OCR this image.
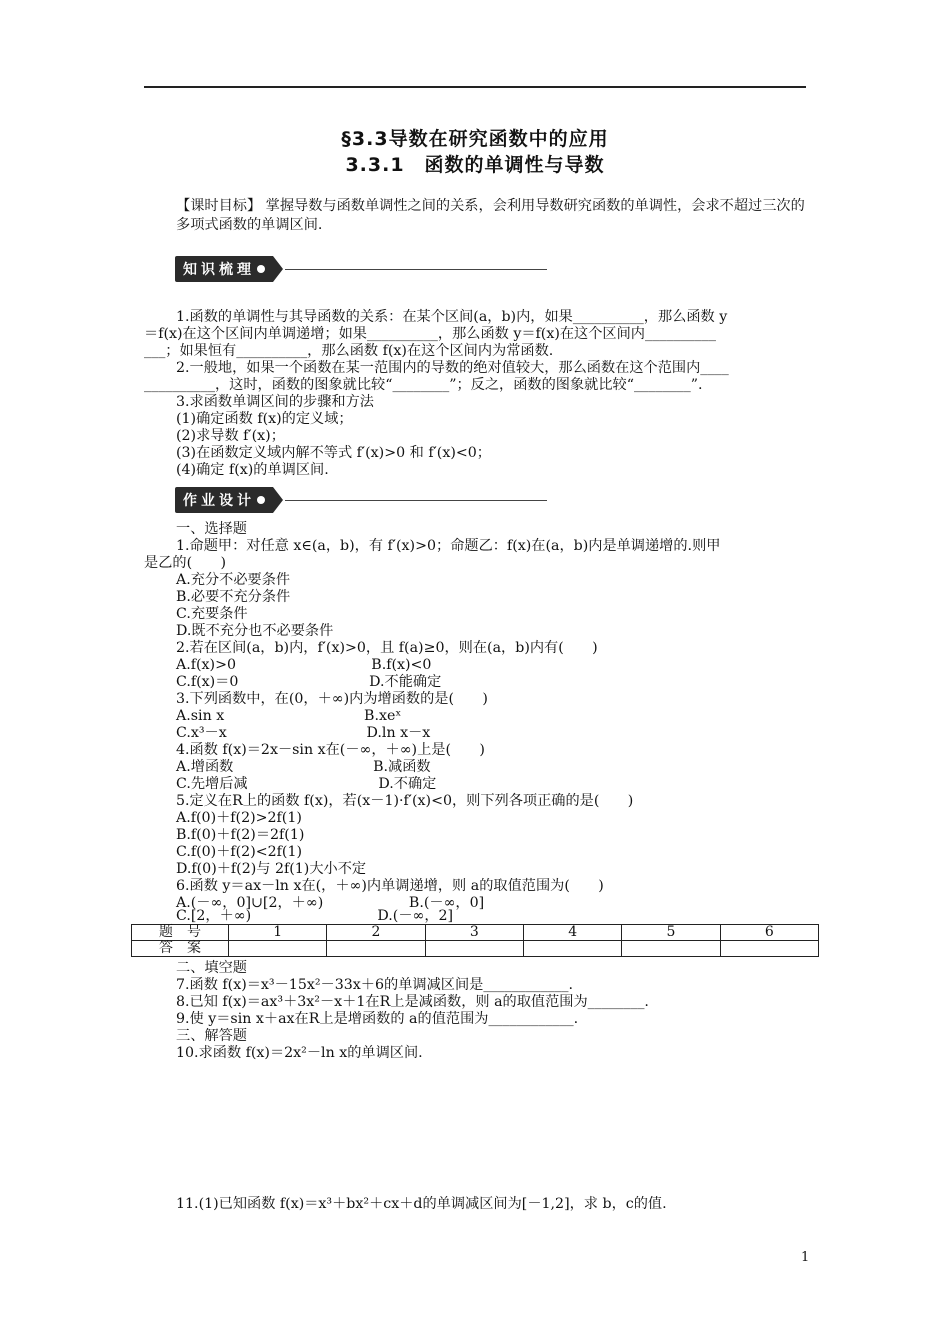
§3.3导数在研究函数中的应用
3.3.1　函数的单调性与导数
【课时目标】 掌握导数与函数单调性之间的关系，会利用导数研究函数的单调性，会求不超过三次的多项式函数的单调区间.
知识梳理
1.函数的单调性与其导函数的关系：在某个区间(a，b)内，如果__________，那么函数 y
＝f(x)在这个区间内单调递增；如果__________，那么函数 y＝f(x)在这个区间内__________
___；如果恒有__________，那么函数 f(x)在这个区间内为常函数.
2.一般地，如果一个函数在某一范围内的导数的绝对值较大，那么函数在这个范围内____
__________，这时，函数的图象就比较“________”；反之，函数的图象就比较“________”.
3.求函数单调区间的步骤和方法
(1)确定函数 f(x)的定义域；
(2)求导数 f′(x)；
(3)在函数定义域内解不等式 f′(x)>0 和 f′(x)<0；
(4)确定 f(x)的单调区间.
作业设计
一、选择题
1.命题甲：对任意 x∈(a，b)，有 f′(x)>0；命题乙：f(x)在(a，b)内是单调递增的.则甲
是乙的(　　)
A.充分不必要条件
B.必要不充分条件
C.充要条件
D.既不充分也不必要条件
2.若在区间(a，b)内，f′(x)>0，且 f(a)≥0，则在(a，b)内有(　　)
A.f(x)>0                              B.f(x)<0
C.f(x)＝0                             D.不能确定
3.下列函数中，在(0，＋∞)内为增函数的是(　　)
A.sin x                               B.xeˣ
C.x³－x                               D.ln x－x
4.函数 f(x)＝2x－sin x在(－∞，＋∞)上是(　　)
A.增函数                               B.减函数
C.先增后减                             D.不确定
5.定义在R上的函数 f(x)，若(x－1)·f′(x)<0，则下列各项正确的是(　　)
A.f(0)＋f(2)>2f(1)
B.f(0)＋f(2)＝2f(1)
C.f(0)＋f(2)<2f(1)
D.f(0)＋f(2)与 2f(1)大小不定
6.函数 y＝ax－ln x在(，＋∞)内单调递增，则 a的取值范围为(　　)
A.(－∞，0]∪[2，＋∞)                   B.(－∞，0]
C.[2，＋∞)                            D.(－∞，2]
题　号	1	2	3	4	5	6
答　案						
二、填空题
7.函数 f(x)＝x³－15x²－33x＋6的单调减区间是____________.
8.已知 f(x)＝ax³＋3x²－x＋1在R上是减函数，则 a的取值范围为________.
9.使 y＝sin x＋ax在R上是增函数的 a的值范围为____________.
三、解答题
10.求函数 f(x)＝2x²－ln x的单调区间.
11.(1)已知函数 f(x)＝x³＋bx²＋cx＋d的单调减区间为[－1,2]，求 b，c的值.
1
